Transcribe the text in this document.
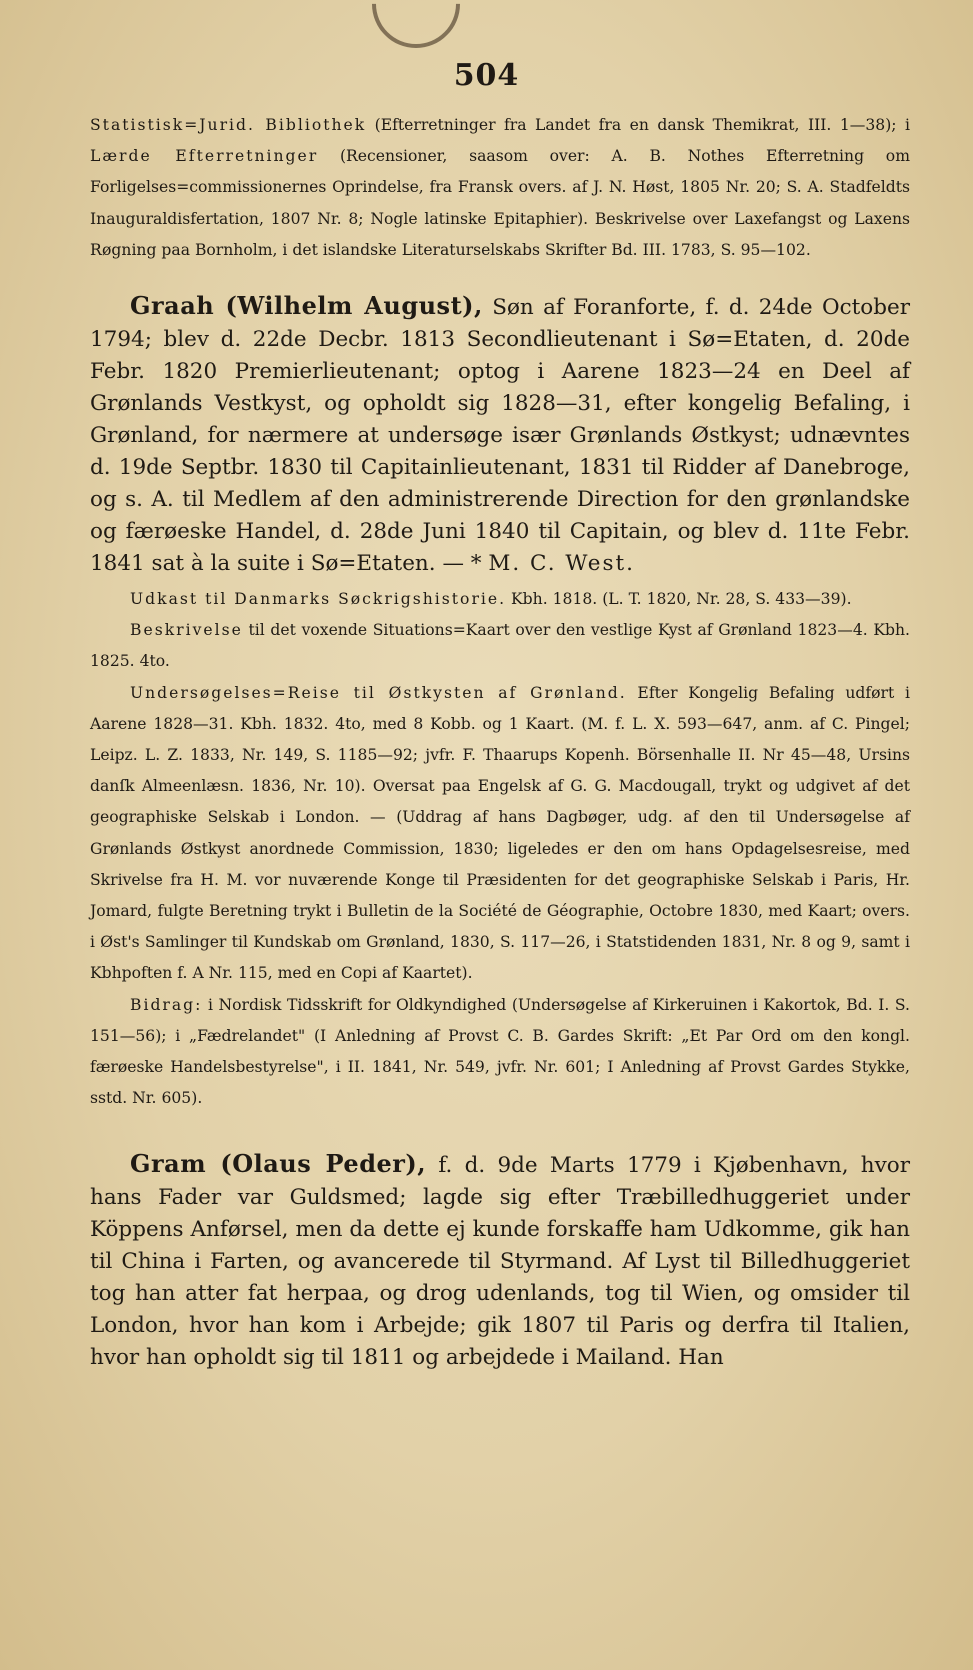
504

Statistisk=Jurid. Bibliothek (Efterretninger fra Landet fra en dansk Themikrat, III. 1—38); i Lærde Efterretninger (Recensioner, saasom over: A. B. Nothes Efterretning om Forligelses=commissionernes Oprindelse, fra Fransk overs. af J. N. Høst, 1805 Nr. 20; S. A. Stadfeldts Inauguraldisfertation, 1807 Nr. 8; Nogle latinske Epitaphier). Beskrivelse over Laxefangst og Laxens Røgning paa Bornholm, i det islandske Literaturselskabs Skrifter Bd. III. 1783, S. 95—102.

Graah (Wilhelm August), Søn af Foranforte, f. d. 24de October 1794; blev d. 22de Decbr. 1813 Secondlieutenant i Sø=Etaten, d. 20de Febr. 1820 Premierlieutenant; optog i Aarene 1823—24 en Deel af Grønlands Vestkyst, og opholdt sig 1828—31, efter kongelig Befaling, i Grønland, for nærmere at undersøge især Grønlands Østkyst; udnævntes d. 19de Septbr. 1830 til Capitainlieutenant, 1831 til Ridder af Danebroge, og s. A. til Medlem af den administrerende Direction for den grønlandske og færøeske Handel, d. 28de Juni 1840 til Capitain, og blev d. 11te Febr. 1841 sat à la suite i Sø=Etaten. — * M. C. West.

Udkast til Danmarks Søckrigshistorie. Kbh. 1818. (L. T. 1820, Nr. 28, S. 433—39).

Beskrivelse til det voxende Situations=Kaart over den vestlige Kyst af Grønland 1823—4. Kbh. 1825. 4to.

Undersøgelses=Reise til Østkysten af Grønland. Efter Kongelig Befaling udført i Aarene 1828—31. Kbh. 1832. 4to, med 8 Kobb. og 1 Kaart. (M. f. L. X. 593—647, anm. af C. Pingel; Leipz. L. Z. 1833, Nr. 149, S. 1185—92; jvfr. F. Thaarups Kopenh. Börsenhalle II. Nr 45—48, Ursins danſk Almeenlæsn. 1836, Nr. 10). Oversat paa Engelsk af G. G. Macdougall, trykt og udgivet af det geographiske Selskab i London. — (Uddrag af hans Dagbøger, udg. af den til Undersøgelse af Grønlands Østkyst anordnede Commission, 1830; ligeledes er den om hans Opdagelsesreise, med Skrivelse fra H. M. vor nuværende Konge til Præsidenten for det geographiske Selskab i Paris, Hr. Jomard, fulgte Beretning trykt i Bulletin de la Société de Géographie, Octobre 1830, med Kaart; overs. i Øst's Samlinger til Kundskab om Grønland, 1830, S. 117—26, i Statstidenden 1831, Nr. 8 og 9, samt i Kbhpoften f. A Nr. 115, med en Copi af Kaartet).

Bidrag: i Nordisk Tidsskrift for Oldkyndighed (Undersøgelse af Kirkeruinen i Kakortok, Bd. I. S. 151—56); i „Fædrelandet" (I Anledning af Provst C. B. Gardes Skrift: „Et Par Ord om den kongl. færøeske Handelsbestyrelse", i II. 1841, Nr. 549, jvfr. Nr. 601; I Anledning af Provst Gardes Stykke, sstd. Nr. 605).

Gram (Olaus Peder), f. d. 9de Marts 1779 i Kjøbenhavn, hvor hans Fader var Guldsmed; lagde sig efter Træbilledhuggeriet under Köppens Anførsel, men da dette ej kunde forskaffe ham Udkomme, gik han til China i Farten, og avancerede til Styrmand. Af Lyst til Billedhuggeriet tog han atter fat herpaa, og drog udenlands, tog til Wien, og omsider til London, hvor han kom i Arbejde; gik 1807 til Paris og derfra til Italien, hvor han opholdt sig til 1811 og arbejdede i Mailand. Han
